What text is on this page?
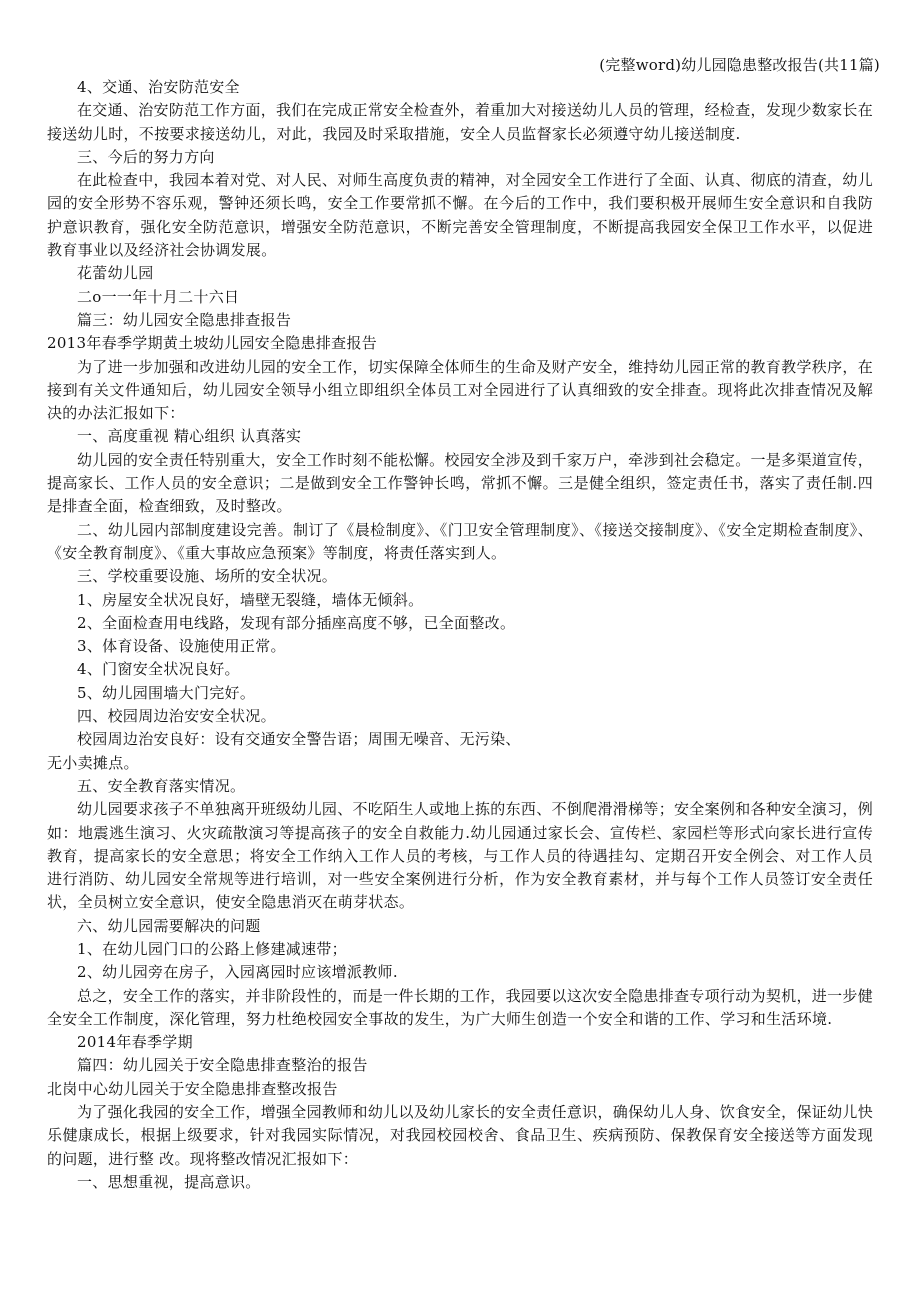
(完整word)幼儿园隐患整改报告(共11篇)

4、交通、治安防范安全

在交通、治安防范工作方面，我们在完成正常安全检查外，着重加大对接送幼儿人员的管理，经检查，发现少数家长在接送幼儿时，不按要求接送幼儿，对此，我园及时采取措施，安全人员监督家长必须遵守幼儿接送制度.

三、今后的努力方向

在此检查中，我园本着对党、对人民、对师生高度负责的精神，对全园安全工作进行了全面、认真、彻底的清查，幼儿园的安全形势不容乐观，警钟还须长鸣，安全工作要常抓不懈。在今后的工作中，我们要积极开展师生安全意识和自我防护意识教育，强化安全防范意识，增强安全防范意识，不断完善安全管理制度，不断提高我园安全保卫工作水平，以促进教育事业以及经济社会协调发展。

花蕾幼儿园

二o一一年十月二十六日

篇三：幼儿园安全隐患排查报告

2013年春季学期黄土坡幼儿园安全隐患排查报告

为了进一步加强和改进幼儿园的安全工作，切实保障全体师生的生命及财产安全，维持幼儿园正常的教育教学秩序，在接到有关文件通知后，幼儿园安全领导小组立即组织全体员工对全园进行了认真细致的安全排查。现将此次排查情况及解决的办法汇报如下：

一、高度重视 精心组织 认真落实

幼儿园的安全责任特别重大，安全工作时刻不能松懈。校园安全涉及到千家万户，牵涉到社会稳定。一是多渠道宣传，提高家长、工作人员的安全意识；二是做到安全工作警钟长鸣，常抓不懈。三是健全组织，签定责任书，落实了责任制.四是排查全面，检查细致，及时整改。

二、幼儿园内部制度建设完善。制订了《晨检制度》、《门卫安全管理制度》、《接送交接制度》、《安全定期检查制度》、《安全教育制度》、《重大事故应急预案》等制度，将责任落实到人。

三、学校重要设施、场所的安全状况。

1、房屋安全状况良好，墙壁无裂缝，墙体无倾斜。

2、全面检查用电线路，发现有部分插座高度不够，已全面整改。

3、体育设备、设施使用正常。

4、门窗安全状况良好。

5、幼儿园围墙大门完好。

四、校园周边治安安全状况。

校园周边治安良好：设有交通安全警告语；周围无噪音、无污染、

无小卖摊点。

五、安全教育落实情况。

幼儿园要求孩子不单独离开班级幼儿园、不吃陌生人或地上拣的东西、不倒爬滑滑梯等；安全案例和各种安全演习，例如：地震逃生演习、火灾疏散演习等提高孩子的安全自救能力.幼儿园通过家长会、宣传栏、家园栏等形式向家长进行宣传教育，提高家长的安全意思；将安全工作纳入工作人员的考核，与工作人员的待遇挂勾、定期召开安全例会、对工作人员进行消防、幼儿园安全常规等进行培训，对一些安全案例进行分析，作为安全教育素材，并与每个工作人员签订安全责任状，全员树立安全意识，使安全隐患消灭在萌芽状态。

六、幼儿园需要解决的问题

1、在幼儿园门口的公路上修建减速带；

2、幼儿园旁在房子，入园离园时应该增派教师.

总之，安全工作的落实，并非阶段性的，而是一件长期的工作，我园要以这次安全隐患排查专项行动为契机，进一步健全安全工作制度，深化管理，努力杜绝校园安全事故的发生，为广大师生创造一个安全和谐的工作、学习和生活环境.

2014年春季学期

篇四：幼儿园关于安全隐患排查整治的报告

北岗中心幼儿园关于安全隐患排查整改报告

为了强化我园的安全工作，增强全园教师和幼儿以及幼儿家长的安全责任意识，确保幼儿人身、饮食安全，保证幼儿快乐健康成长，根据上级要求，针对我园实际情况，对我园校园校舍、食品卫生、疾病预防、保教保育安全接送等方面发现的问题，进行整 改。现将整改情况汇报如下：

一、思想重视，提高意识。
